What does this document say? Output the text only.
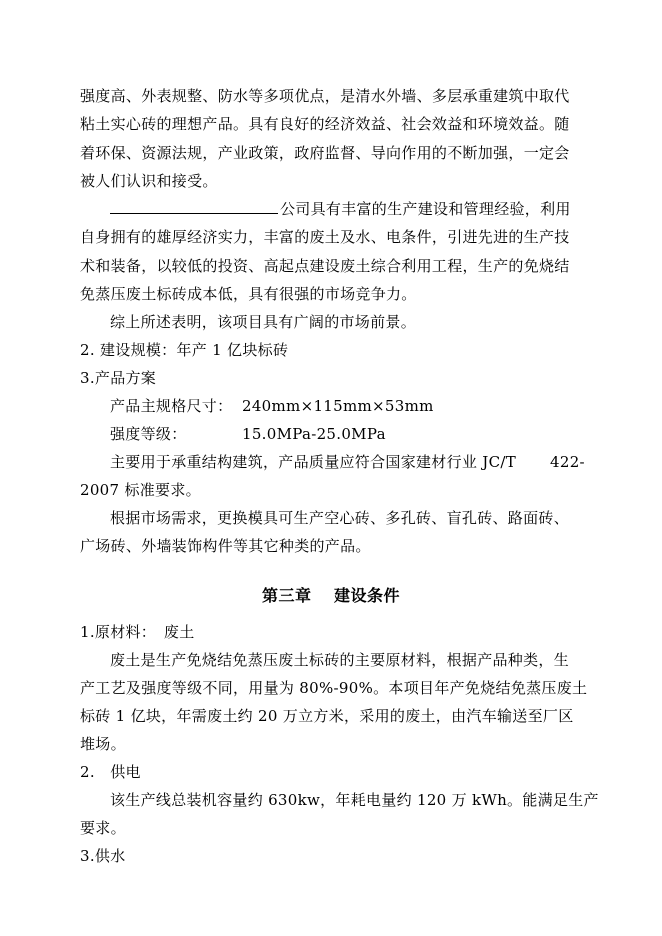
强度高、外表规整、防水等多项优点，是清水外墙、多层承重建筑中取代
粘土实心砖的理想产品。具有良好的经济效益、社会效益和环境效益。随
着环保、资源法规，产业政策，政府监督、导向作用的不断加强，一定会
被人们认识和接受。
公司具有丰富的生产建设和管理经验，利用
自身拥有的雄厚经济实力，丰富的废土及水、电条件，引进先进的生产技
术和装备，以较低的投资、高起点建设废土综合利用工程，生产的免烧结
免蒸压废土标砖成本低，具有很强的市场竞争力。
综上所述表明，该项目具有广阔的市场前景。
2. 建设规模：年产 1 亿块标砖
3.产品方案
产品主规格尺寸： 240mm×115mm×53mm
强度等级：	15.0MPa-25.0MPa
主要用于承重结构建筑，产品质量应符合国家建材行业 JC/T 422-
2007 标准要求。
根据市场需求，更换模具可生产空心砖、多孔砖、盲孔砖、路面砖、
广场砖、外墙装饰构件等其它种类的产品。
第三章　 建设条件
1.原材料：　废土
废土是生产免烧结免蒸压废土标砖的主要原材料，根据产品种类，生
产工艺及强度等级不同，用量为 80%-90%。本项目年产免烧结免蒸压废土
标砖 1 亿块，年需废土约 20 万立方米，采用的废土，由汽车输送至厂区
堆场。
2.　供电
该生产线总装机容量约 630kw，年耗电量约 120 万 kWh。能满足生产
要求。
3.供水
